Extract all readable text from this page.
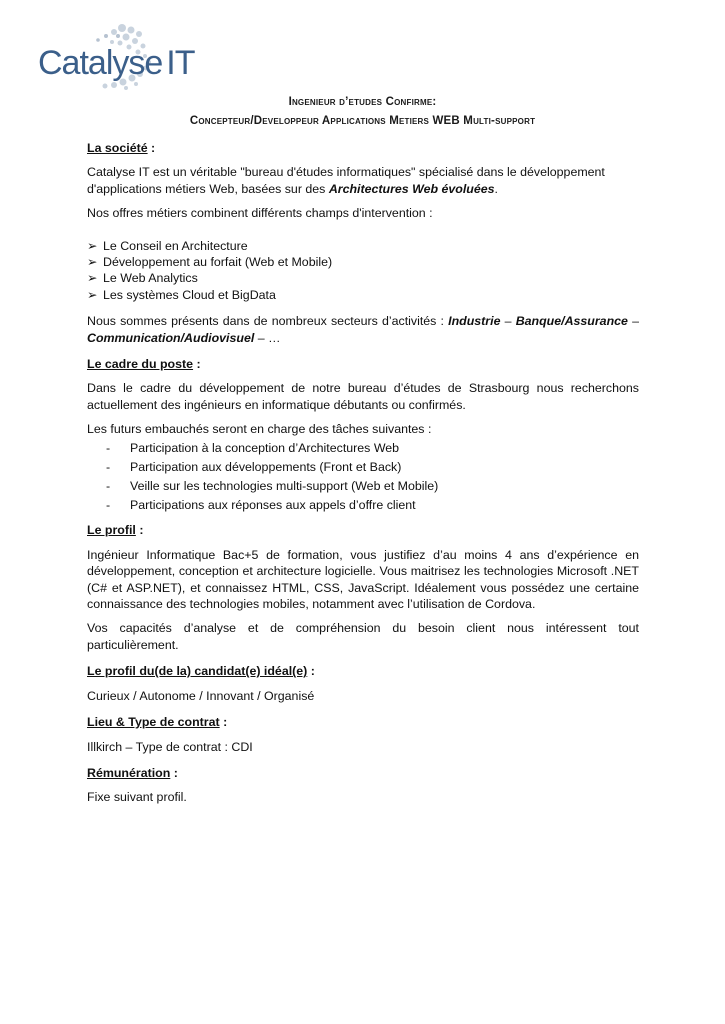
Catalyse IT
Ingenieur d’etudes Confirme:
Concepteur/Developpeur Applications Metiers WEB Multi-support

La société :

Catalyse IT est un véritable "bureau d'études informatiques" spécialisé dans le développement d'applications métiers Web, basées sur des Architectures Web évoluées.

Nos offres métiers combinent différents champs d'intervention :

➢ Le Conseil en Architecture
➢ Développement au forfait (Web et Mobile)
➢ Le Web Analytics
➢ Les systèmes Cloud et BigData

Nous sommes présents dans de nombreux secteurs d’activités : Industrie – Banque/Assurance – Communication/Audiovisuel – …

Le cadre du poste :

Dans le cadre du développement de notre bureau d’études de Strasbourg nous recherchons actuellement des ingénieurs en informatique débutants ou confirmés.

Les futurs embauchés seront en charge des tâches suivantes :

- Participation à la conception d’Architectures Web
- Participation aux développements (Front et Back)
- Veille sur les technologies multi-support (Web et Mobile)
- Participations aux réponses aux appels d’offre client

Le profil :

Ingénieur Informatique Bac+5 de formation, vous justifiez d’au moins 4 ans d’expérience en développement, conception et architecture logicielle. Vous maitrisez les technologies Microsoft .NET (C# et ASP.NET), et connaissez HTML, CSS, JavaScript. Idéalement vous possédez une certaine connaissance des technologies mobiles, notamment avec l’utilisation de Cordova.

Vos capacités d’analyse et de compréhension du besoin client nous intéressent tout particulièrement.

Le profil du(de la) candidat(e) idéal(e) :

Curieux / Autonome / Innovant / Organisé

Lieu & Type de contrat :

Illkirch – Type de contrat : CDI

Rémunération :

Fixe suivant profil.
